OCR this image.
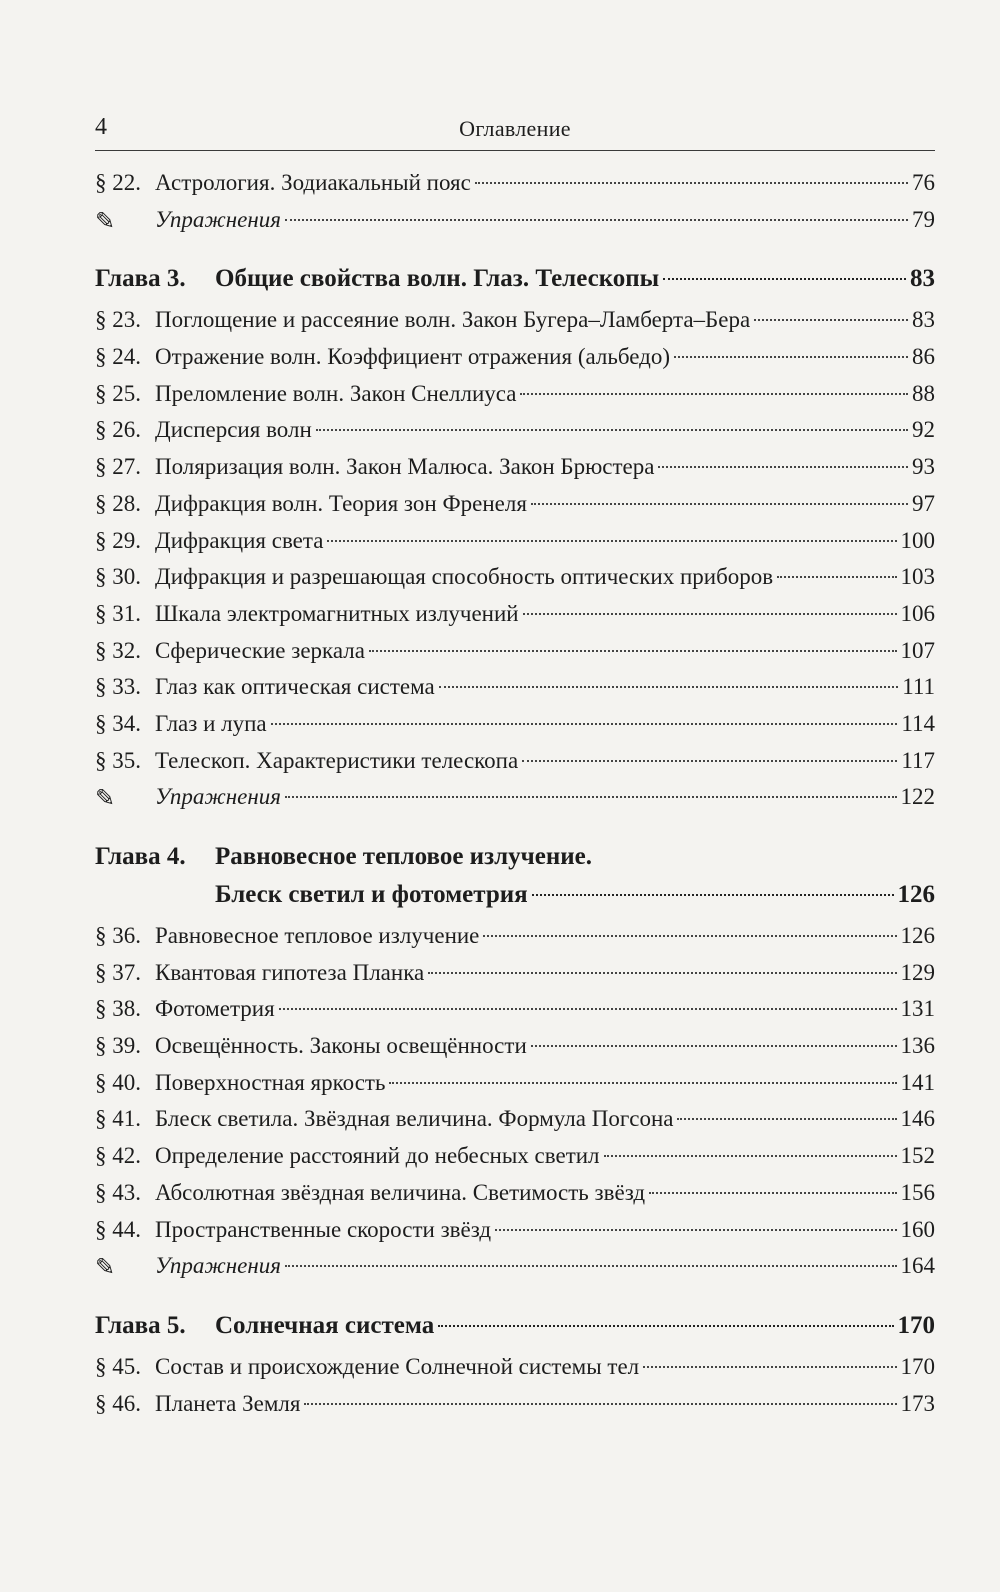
4	Оглавление
§ 22. Астрология. Зодиакальный пояс	76
✎	Упражнения	79
Глава 3.	Общие свойства волн. Глаз. Телескопы	83
§ 23. Поглощение и рассеяние волн. Закон Бугера–Ламберта–Бера	83
§ 24. Отражение волн. Коэффициент отражения (альбедо)	86
§ 25. Преломление волн. Закон Снеллиуса	88
§ 26. Дисперсия волн	92
§ 27. Поляризация волн. Закон Малюса. Закон Брюстера	93
§ 28. Дифракция волн. Теория зон Френеля	97
§ 29. Дифракция света	100
§ 30. Дифракция и разрешающая способность оптических приборов	103
§ 31. Шкала электромагнитных излучений	106
§ 32. Сферические зеркала	107
§ 33. Глаз как оптическая система	111
§ 34. Глаз и лупа	114
§ 35. Телескоп. Характеристики телескопа	117
✎	Упражнения	122
Глава 4.	Равновесное тепловое излучение.
Блеск светил и фотометрия	126
§ 36. Равновесное тепловое излучение	126
§ 37. Квантовая гипотеза Планка	129
§ 38. Фотометрия	131
§ 39. Освещённость. Законы освещённости	136
§ 40. Поверхностная яркость	141
§ 41. Блеск светила. Звёздная величина. Формула Погсона	146
§ 42. Определение расстояний до небесных светил	152
§ 43. Абсолютная звёздная величина. Светимость звёзд	156
§ 44. Пространственные скорости звёзд	160
✎	Упражнения	164
Глава 5.	Солнечная система	170
§ 45. Состав и происхождение Солнечной системы тел	170
§ 46. Планета Земля	173
